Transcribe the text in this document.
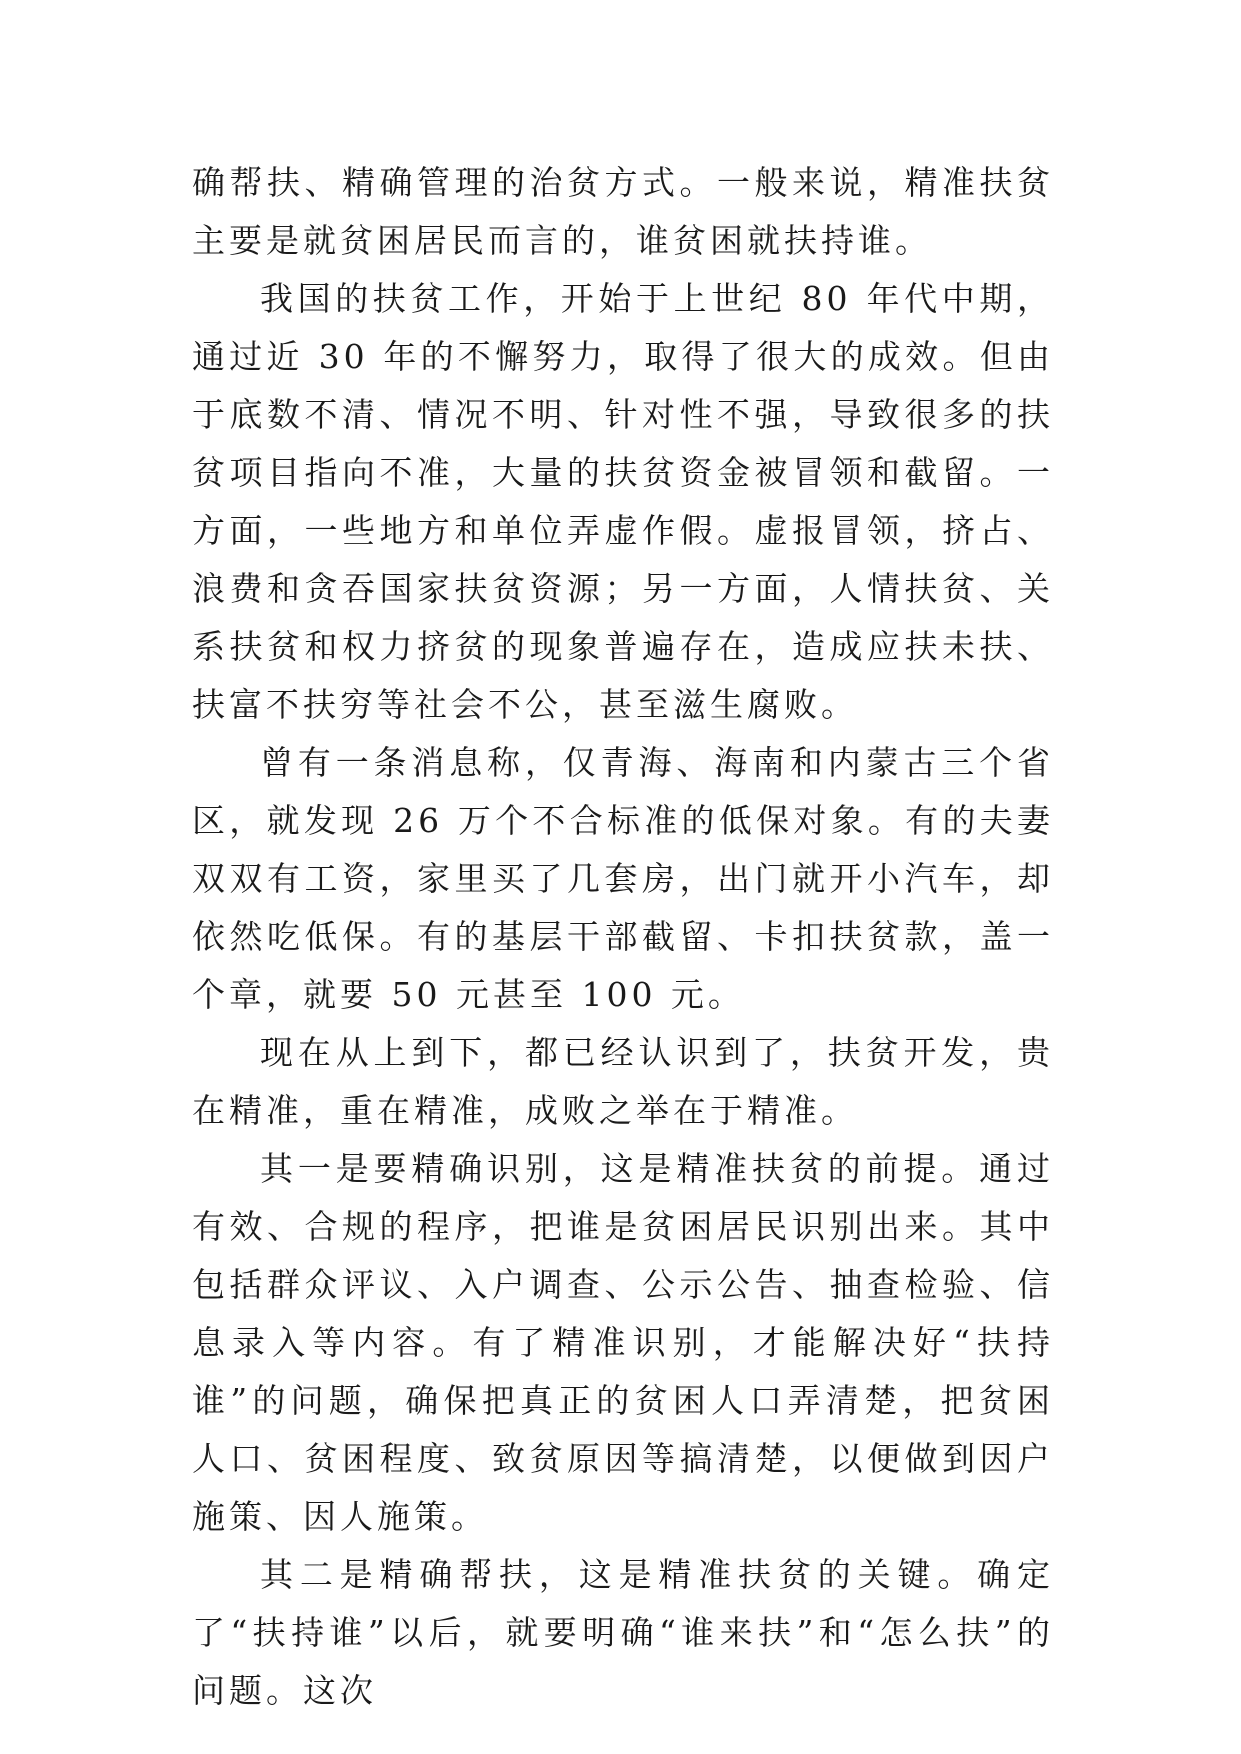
确帮扶、精确管理的治贫方式。一般来说，精准扶贫主要是就贫困居民而言的，谁贫困就扶持谁。

我国的扶贫工作，开始于上世纪 80 年代中期，通过近 30 年的不懈努力，取得了很大的成效。但由于底数不清、情况不明、针对性不强，导致很多的扶贫项目指向不准，大量的扶贫资金被冒领和截留。一方面，一些地方和单位弄虚作假。虚报冒领，挤占、浪费和贪吞国家扶贫资源；另一方面，人情扶贫、关系扶贫和权力挤贫的现象普遍存在，造成应扶未扶、扶富不扶穷等社会不公，甚至滋生腐败。

曾有一条消息称，仅青海、海南和内蒙古三个省区，就发现 26 万个不合标准的低保对象。有的夫妻双双有工资，家里买了几套房，出门就开小汽车，却依然吃低保。有的基层干部截留、卡扣扶贫款，盖一个章，就要 50 元甚至 100 元。

现在从上到下，都已经认识到了，扶贫开发，贵在精准，重在精准，成败之举在于精准。

其一是要精确识别，这是精准扶贫的前提。通过有效、合规的程序，把谁是贫困居民识别出来。其中包括群众评议、入户调查、公示公告、抽查检验、信息录入等内容。有了精准识别，才能解决好“扶持谁”的问题，确保把真正的贫困人口弄清楚，把贫困人口、贫困程度、致贫原因等搞清楚，以便做到因户施策、因人施策。

其二是精确帮扶，这是精准扶贫的关键。确定了“扶持谁”以后，就要明确“谁来扶”和“怎么扶”的问题。这次
